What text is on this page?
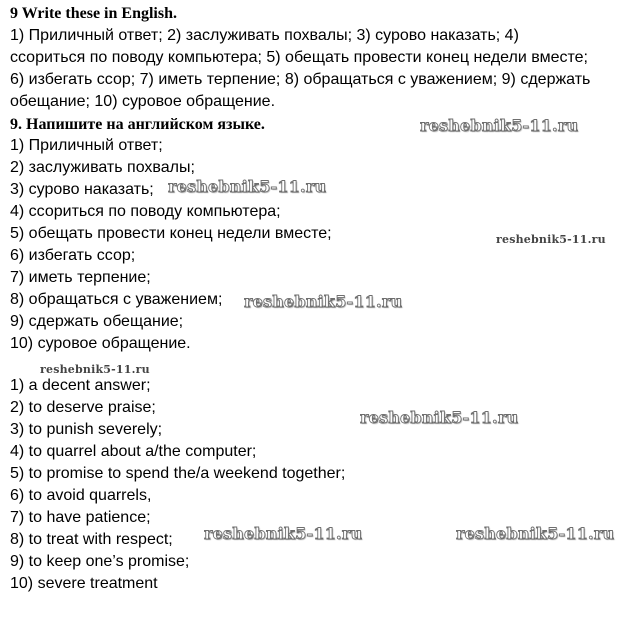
9 Write these in English.
1) Приличный ответ; 2) заслуживать похвалы; 3) сурово наказать; 4)
ссориться по поводу компьютера; 5) обещать провести конец недели вместе;
6) избегать ссор; 7) иметь терпение; 8) обращаться с уважением; 9) сдержать
обещание; 10) суровое обращение.
9. Напишите на английском языке.
1) Приличный ответ;
2) заслуживать похвалы;
3) сурово наказать;
4) ссориться по поводу компьютера;
5) обещать провести конец недели вместе;
6) избегать ссор;
7) иметь терпение;
8) обращаться с уважением;
9) сдержать обещание;
10) суровое обращение.
1) a decent answer;
2) to deserve praise;
3) to punish severely;
4) to quarrel about a/the computer;
5) to promise to spend the/a weekend together;
6) to avoid quarrels,
7) to have patience;
8) to treat with respect;
9) to keep one’s promise;
10) severe treatment
reshebnik5-11.ru
reshebnik5-11.ru
reshebnik5-11.ru
reshebnik5-11.ru
reshebnik5-11.ru
reshebnik5-11.ru
reshebnik5-11.ru	reshebnik5-11.ru
